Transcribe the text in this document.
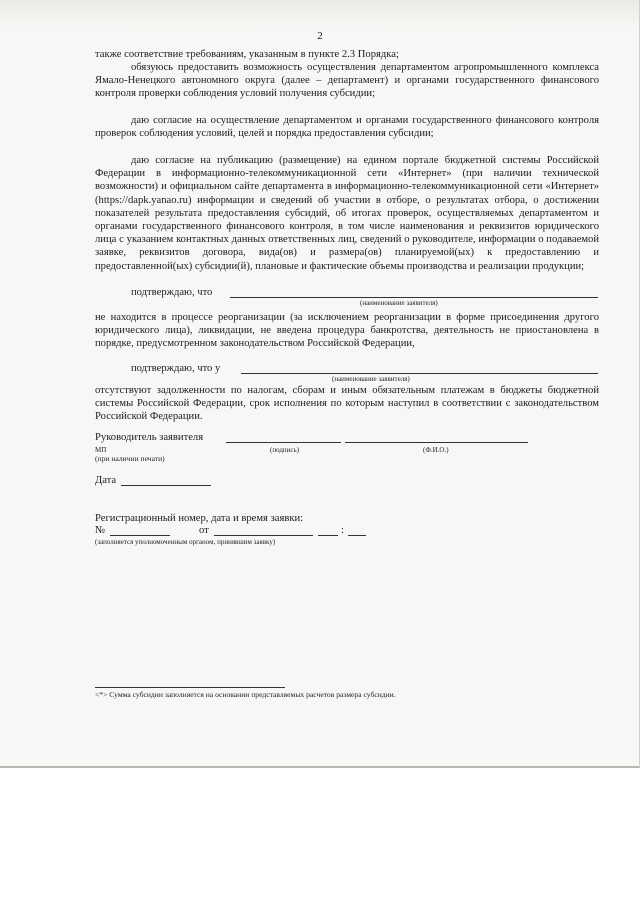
2

также соответствие требованиям, указанным в пункте 2.3 Порядка;

обязуюсь предоставить возможность осуществления департаментом агропромышленного комплекса Ямало-Ненецкого автономного округа (далее – департамент) и органами государственного финансового контроля проверки соблюдения условий получения субсидии;

даю согласие на осуществление департаментом и органами государственного финансового контроля проверок соблюдения условий, целей и порядка предоставления субсидии;

даю согласие на публикацию (размещение) на едином портале бюджетной системы Российской Федерации в информационно-телекоммуникационной сети «Интернет» (при наличии технической возможности) и официальном сайте департамента в информационно-телекоммуникационной сети «Интернет» (https://dapk.yanao.ru) информации и сведений об участии в отборе, о результатах отбора, о достижении показателей результата предоставления субсидий, об итогах проверок, осуществляемых департаментом и органами государственного финансового контроля, в том числе наименования и реквизитов юридического лица с указанием контактных данных ответственных лиц, сведений о руководителе, информации о подаваемой заявке, реквизитов договора, вида(ов) и размера(ов) планируемой(ых) к предоставлению и предоставленной(ых) субсидии(й), плановые и фактические объемы производства и реализации продукции;

подтверждаю, что
(наименование заявителя)

не находится в процессе реорганизации (за исключением реорганизации в форме присоединения другого юридического лица), ликвидации, не введена процедура банкротства, деятельность не приостановлена в порядке, предусмотренном законодательством Российской Федерации,

подтверждаю, что у
(наименование заявителя)

отсутствуют задолженности по налогам, сборам и иным обязательным платежам в бюджеты бюджетной системы Российской Федерации, срок исполнения по которым наступил в соответствии с законодательством Российской Федерации.

Руководитель заявителя
МП	(подпись)	(Ф.И.О.)
(при наличии печати)
Дата
Регистрационный номер, дата и время заявки:
№	от	:
(заполняется уполномоченным органом, принявшим заявку)
<*> Сумма субсидии заполняется на основании представляемых расчетов размера субсидии.
